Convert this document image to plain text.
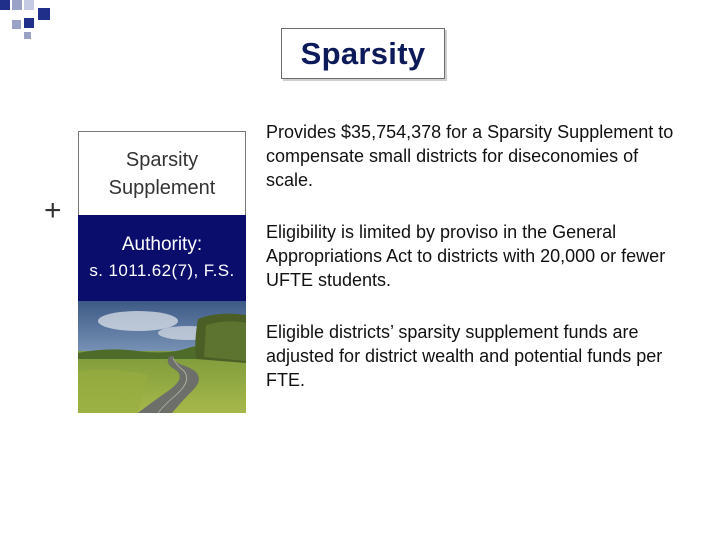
Sparsity
+
Sparsity Supplement
Authority:
s. 1011.62(7), F.S.
Provides $35,754,378 for a Sparsity Supplement to compensate small districts for diseconomies of scale.
Eligibility is limited by proviso in the General Appropriations Act to districts with 20,000 or fewer UFTE students.
Eligible districts’ sparsity supplement funds are adjusted for district wealth and potential funds per FTE.
